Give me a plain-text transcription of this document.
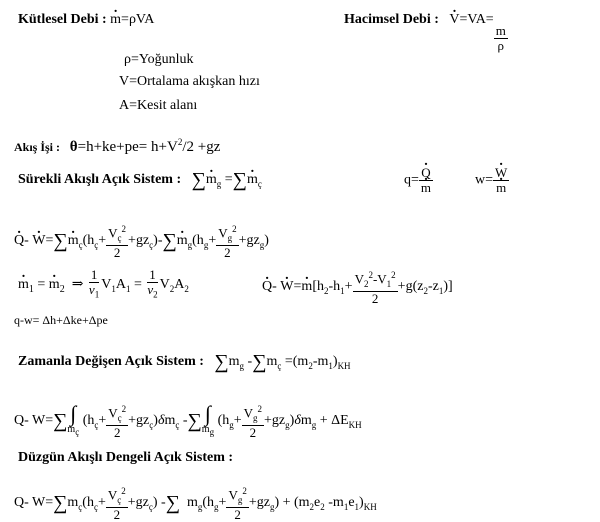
Kütlesel Debi : . m=ρVA	Hacimsel Debi : . V=VA=
$\frac{m}{\rho}$
ρ=Yoğunluk
V=Ortalama akışkan hızı
A=Kesit alanı
Akış İşi : $\theta=h+ke+pe= h+V^2/2 +gz$
Sürekli Akışlı Açık Sistem : ∑. $m_g$ =∑. $m_ç$	q= . Q
. m	w= . W
. m
. Q- . W=∑. $m_ç(h_ç+ \frac{V_ç^2}{2} +gz_ç)-\sum$. $m_g(h_g+ \frac{V_g^2}{2} +gz_g)$
. $m_1$ = . $m_2$  ⇒ $\frac{1}{v_1} V_1A_1 = \frac{1}{v_2} V_2A_2$	. Q- . W=. $m[h_2-h_1+ \frac{V_2^2-V_1^2}{2} +g(z_2-z_1)]$
q-w= Δh+Δke+Δpe
Zamanla Değişen Açık Sistem : $\sum m_g$ $-\sum m_ç =(m_2-m_1)_{KH}$
Q- W=∑ ∫
$m_ç$
$(h_ç+ \frac{V_ç^2}{2} +gz_ç)\delta m_ç$ -∑ ∫
$m_g$
$(h_g+ \frac{V_g^2}{2} +gz_g)\delta m_g + \Delta E_{KH}$
Düzgün Akışlı Dengeli Açık Sistem :
Q- $W=\sum m_ç(h_ç+ \frac{V_ç^2}{2} +gz_ç)$ -∑  $m_g(h_g+ \frac{V_g^2}{2} +gz_g) + (m_2e_2$ $-m_1e_1)_{KH}$
